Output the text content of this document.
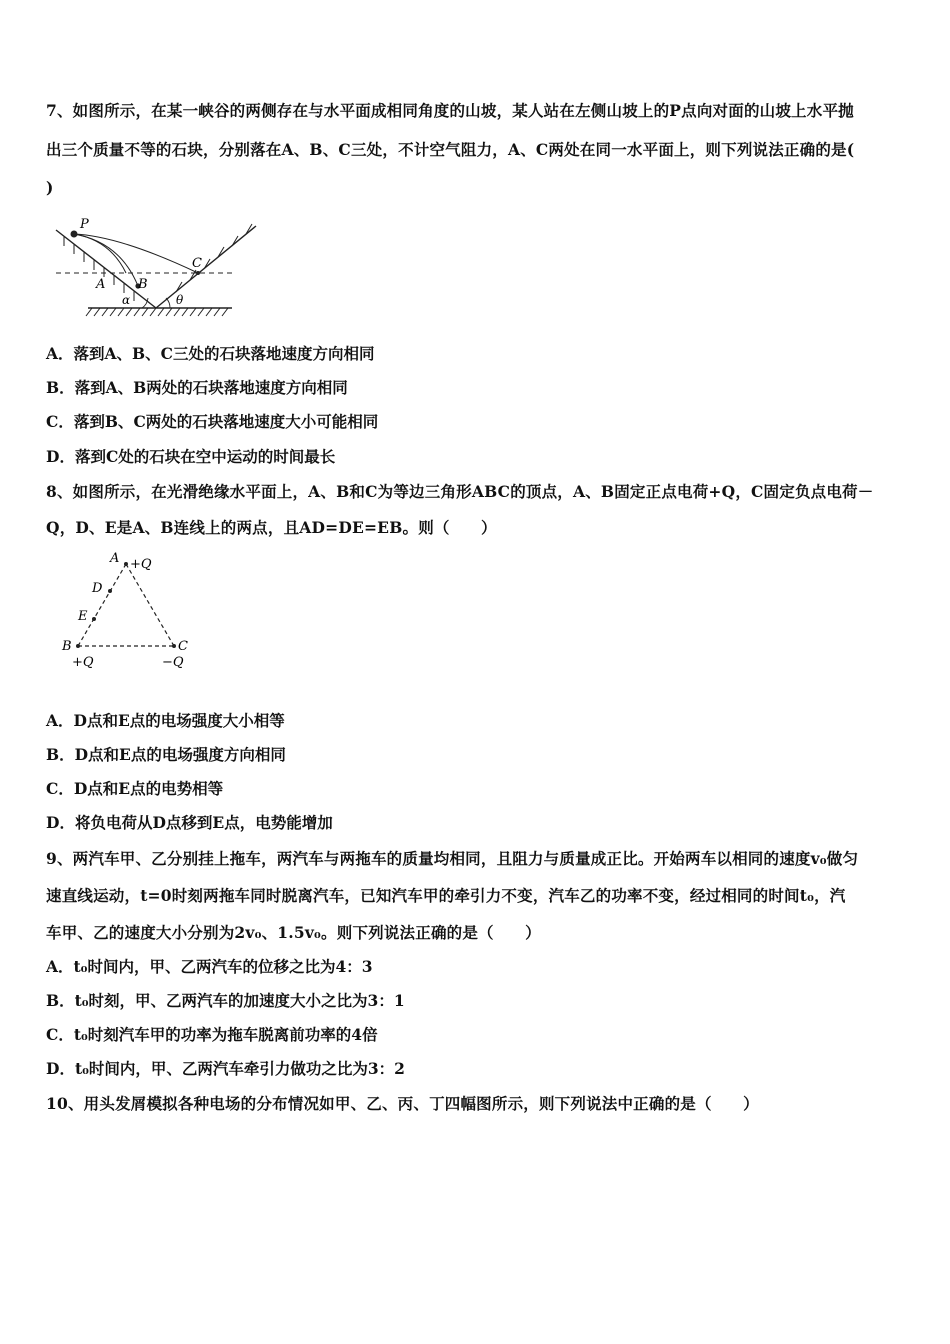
7、如图所示，在某一峡谷的两侧存在与水平面成相同角度的山坡，某人站在左侧山坡上的P点向对面的山坡上水平抛
出三个质量不等的石块，分别落在A、B、C三处，不计空气阻力，A、C两处在同一水平面上，则下列说法正确的是(
)
P
A	B
C
α	θ
A．落到A、B、C三处的石块落地速度方向相同
B．落到A、B两处的石块落地速度方向相同
C．落到B、C两处的石块落地速度大小可能相同
D．落到C处的石块在空中运动的时间最长
8、如图所示，在光滑绝缘水平面上，A、B和C为等边三角形ABC的顶点，A、B固定正点电荷+Q，C固定负点电荷－
Q，D、E是A、B连线上的两点，且AD=DE=EB。则（　　）
A +Q
D
E
B	C
+Q	−Q
A．D点和E点的电场强度大小相等
B．D点和E点的电场强度方向相同
C．D点和E点的电势相等
D．将负电荷从D点移到E点，电势能增加
9、两汽车甲、乙分别挂上拖车，两汽车与两拖车的质量均相同，且阻力与质量成正比。开始两车以相同的速度v₀做匀
速直线运动，t=0时刻两拖车同时脱离汽车，已知汽车甲的牵引力不变，汽车乙的功率不变，经过相同的时间t₀，汽
车甲、乙的速度大小分别为2v₀、1.5v₀。则下列说法正确的是（　　）
A．t₀时间内，甲、乙两汽车的位移之比为4：3
B．t₀时刻，甲、乙两汽车的加速度大小之比为3：1
C．t₀时刻汽车甲的功率为拖车脱离前功率的4倍
D．t₀时间内，甲、乙两汽车牵引力做功之比为3：2
10、用头发屑模拟各种电场的分布情况如甲、乙、丙、丁四幅图所示，则下列说法中正确的是（　　）
